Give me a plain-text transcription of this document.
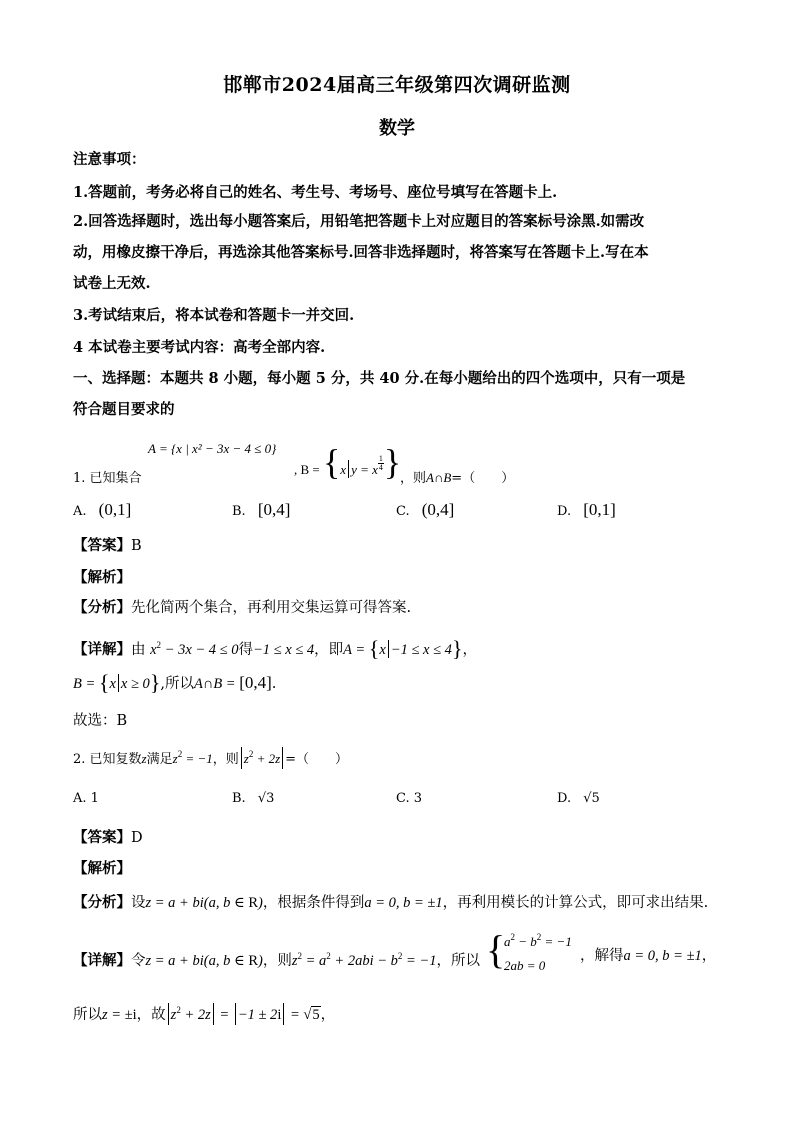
邯郸市2024届高三年级第四次调研监测
数学
注意事项：
1.答题前，考务必将自己的姓名、考生号、考场号、座位号填写在答题卡上.
2.回答选择题时，选出每小题答案后，用铅笔把答题卡上对应题目的答案标号涂黑.如需改
动，用橡皮擦干净后，再选涂其他答案标号.回答非选择题时，将答案写在答题卡上.写在本
试卷上无效.
3.考试结束后，将本试卷和答题卡一并交回.
4 本试卷主要考试内容：高考全部内容.
一、选择题：本题共 8 小题，每小题 5 分，共 40 分.在每小题给出的四个选项中，只有一项是
符合题目要求的
1. 已知集合
A = {x | x² − 3x − 4 ≤ 0}
, B = {x y = x $\frac{1}{4}$ }
，则A∩B=（　　）
A. (0,1]	B. [0,4]	C. (0,4]	D. [0,1]
【答案】B
【解析】
【分析】先化简两个集合，再利用交集运算可得答案.
【详解】由 $x^2 - 3x - 4 \le 0$得−1 ≤ x ≤ 4，即A = {x −1 ≤ x ≤ 4}，
B = {x x ≥ 0},所以A∩B = [0,4].
故选：B
2. 已知复数z满足$z^2 = -1$，则 $z^2 + 2z$ =（　　）
A. 1	B. √3	C. 3	D. √5
【答案】D
【解析】
【分析】设z = a + bi(a, b ∈ R)，根据条件得到a = 0, b = ±1，再利用模长的计算公式，即可求出结果.
【详解】令z = a + bi(a, b ∈ R)，则$z^2 = a^2 + 2abi - b^2 = -1$，所以 {
$a^2 - b^2 = -1$
2ab = 0
，解得a = 0, b = ±1，
所以z = ±i，故 $z^2 + 2z = -1 \pm 2i = √5$，
